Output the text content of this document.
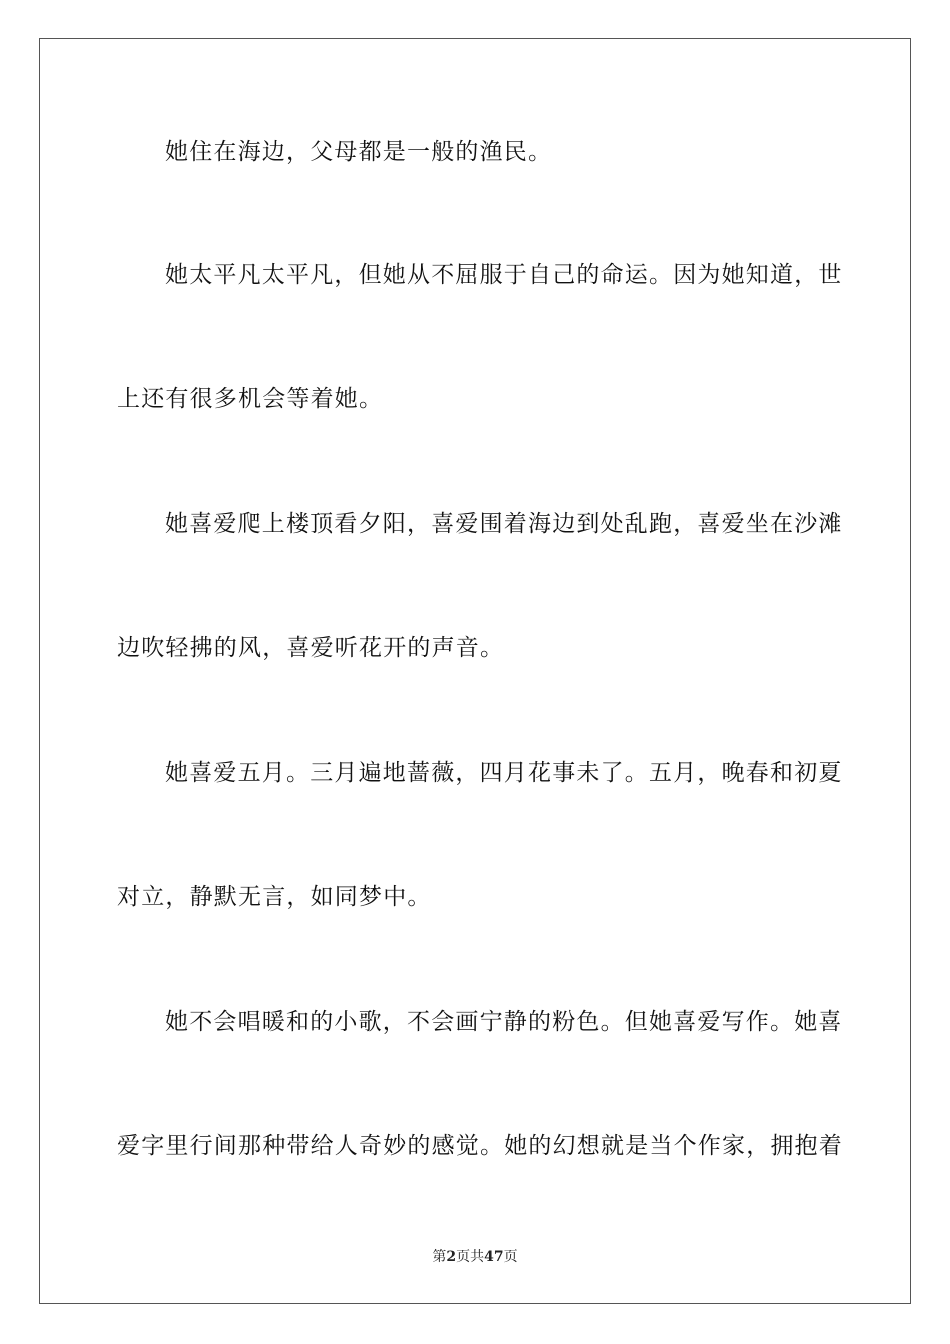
她住在海边，父母都是一般的渔民。
她太平凡太平凡，但她从不屈服于自己的命运。因为她知道，世
上还有很多机会等着她。
她喜爱爬上楼顶看夕阳，喜爱围着海边到处乱跑，喜爱坐在沙滩
边吹轻拂的风，喜爱听花开的声音。
她喜爱五月。三月遍地蔷薇，四月花事未了。五月，晚春和初夏
对立，静默无言，如同梦中。
她不会唱暖和的小歌，不会画宁静的粉色。但她喜爱写作。她喜
爱字里行间那种带给人奇妙的感觉。她的幻想就是当个作家，拥抱着
第2页共47页
